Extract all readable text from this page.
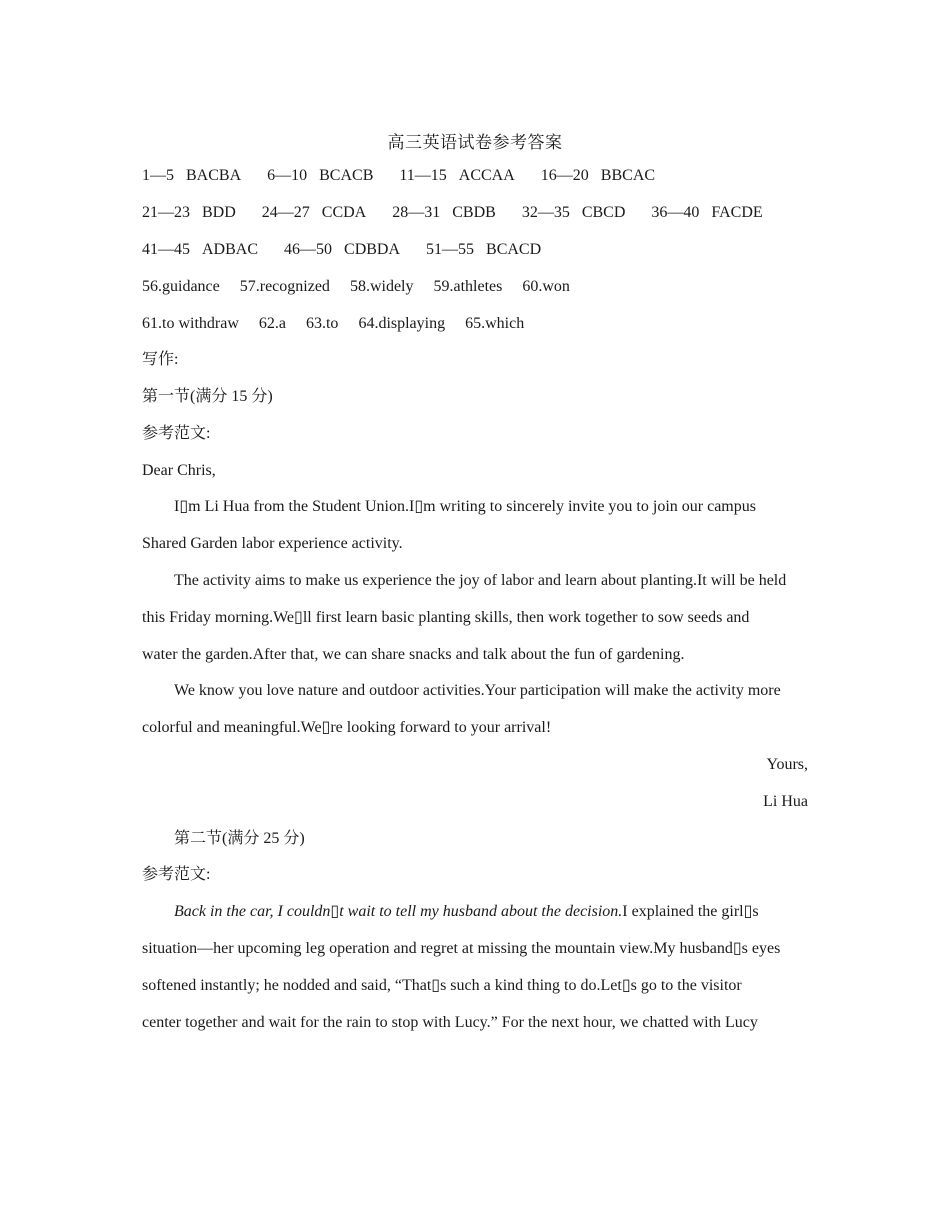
高三英语试卷参考答案
1—5 BACBA 6—10 BCACB 11—15 ACCAA 16—20 BBCAC
21—23 BDD 24—27 CCDA 28—31 CBDB 32—35 CBCD 36—40 FACDE
41—45 ADBAC 46—50 CDBDA 51—55 BCACD
56.guidance 57.recognized 58.widely 59.athletes 60.won
61.to withdraw 62.a 63.to 64.displaying 65.which
写作:
第一节(满分 15 分)
参考范文:
Dear Chris,
I▯m Li Hua from the Student Union.I▯m writing to sincerely invite you to join our campus
Shared Garden labor experience activity.
The activity aims to make us experience the joy of labor and learn about planting.It will be held
this Friday morning.We▯ll first learn basic planting skills, then work together to sow seeds and
water the garden.After that, we can share snacks and talk about the fun of gardening.
We know you love nature and outdoor activities.Your participation will make the activity more
colorful and meaningful.We▯re looking forward to your arrival!
Yours,
Li Hua
第二节(满分 25 分)
参考范文:
Back in the car, I couldn▯t wait to tell my husband about the decision.I explained the girl▯s
situation—her upcoming leg operation and regret at missing the mountain view.My husband▯s eyes
softened instantly; he nodded and said, “That▯s such a kind thing to do.Let▯s go to the visitor
center together and wait for the rain to stop with Lucy.” For the next hour, we chatted with Lucy
